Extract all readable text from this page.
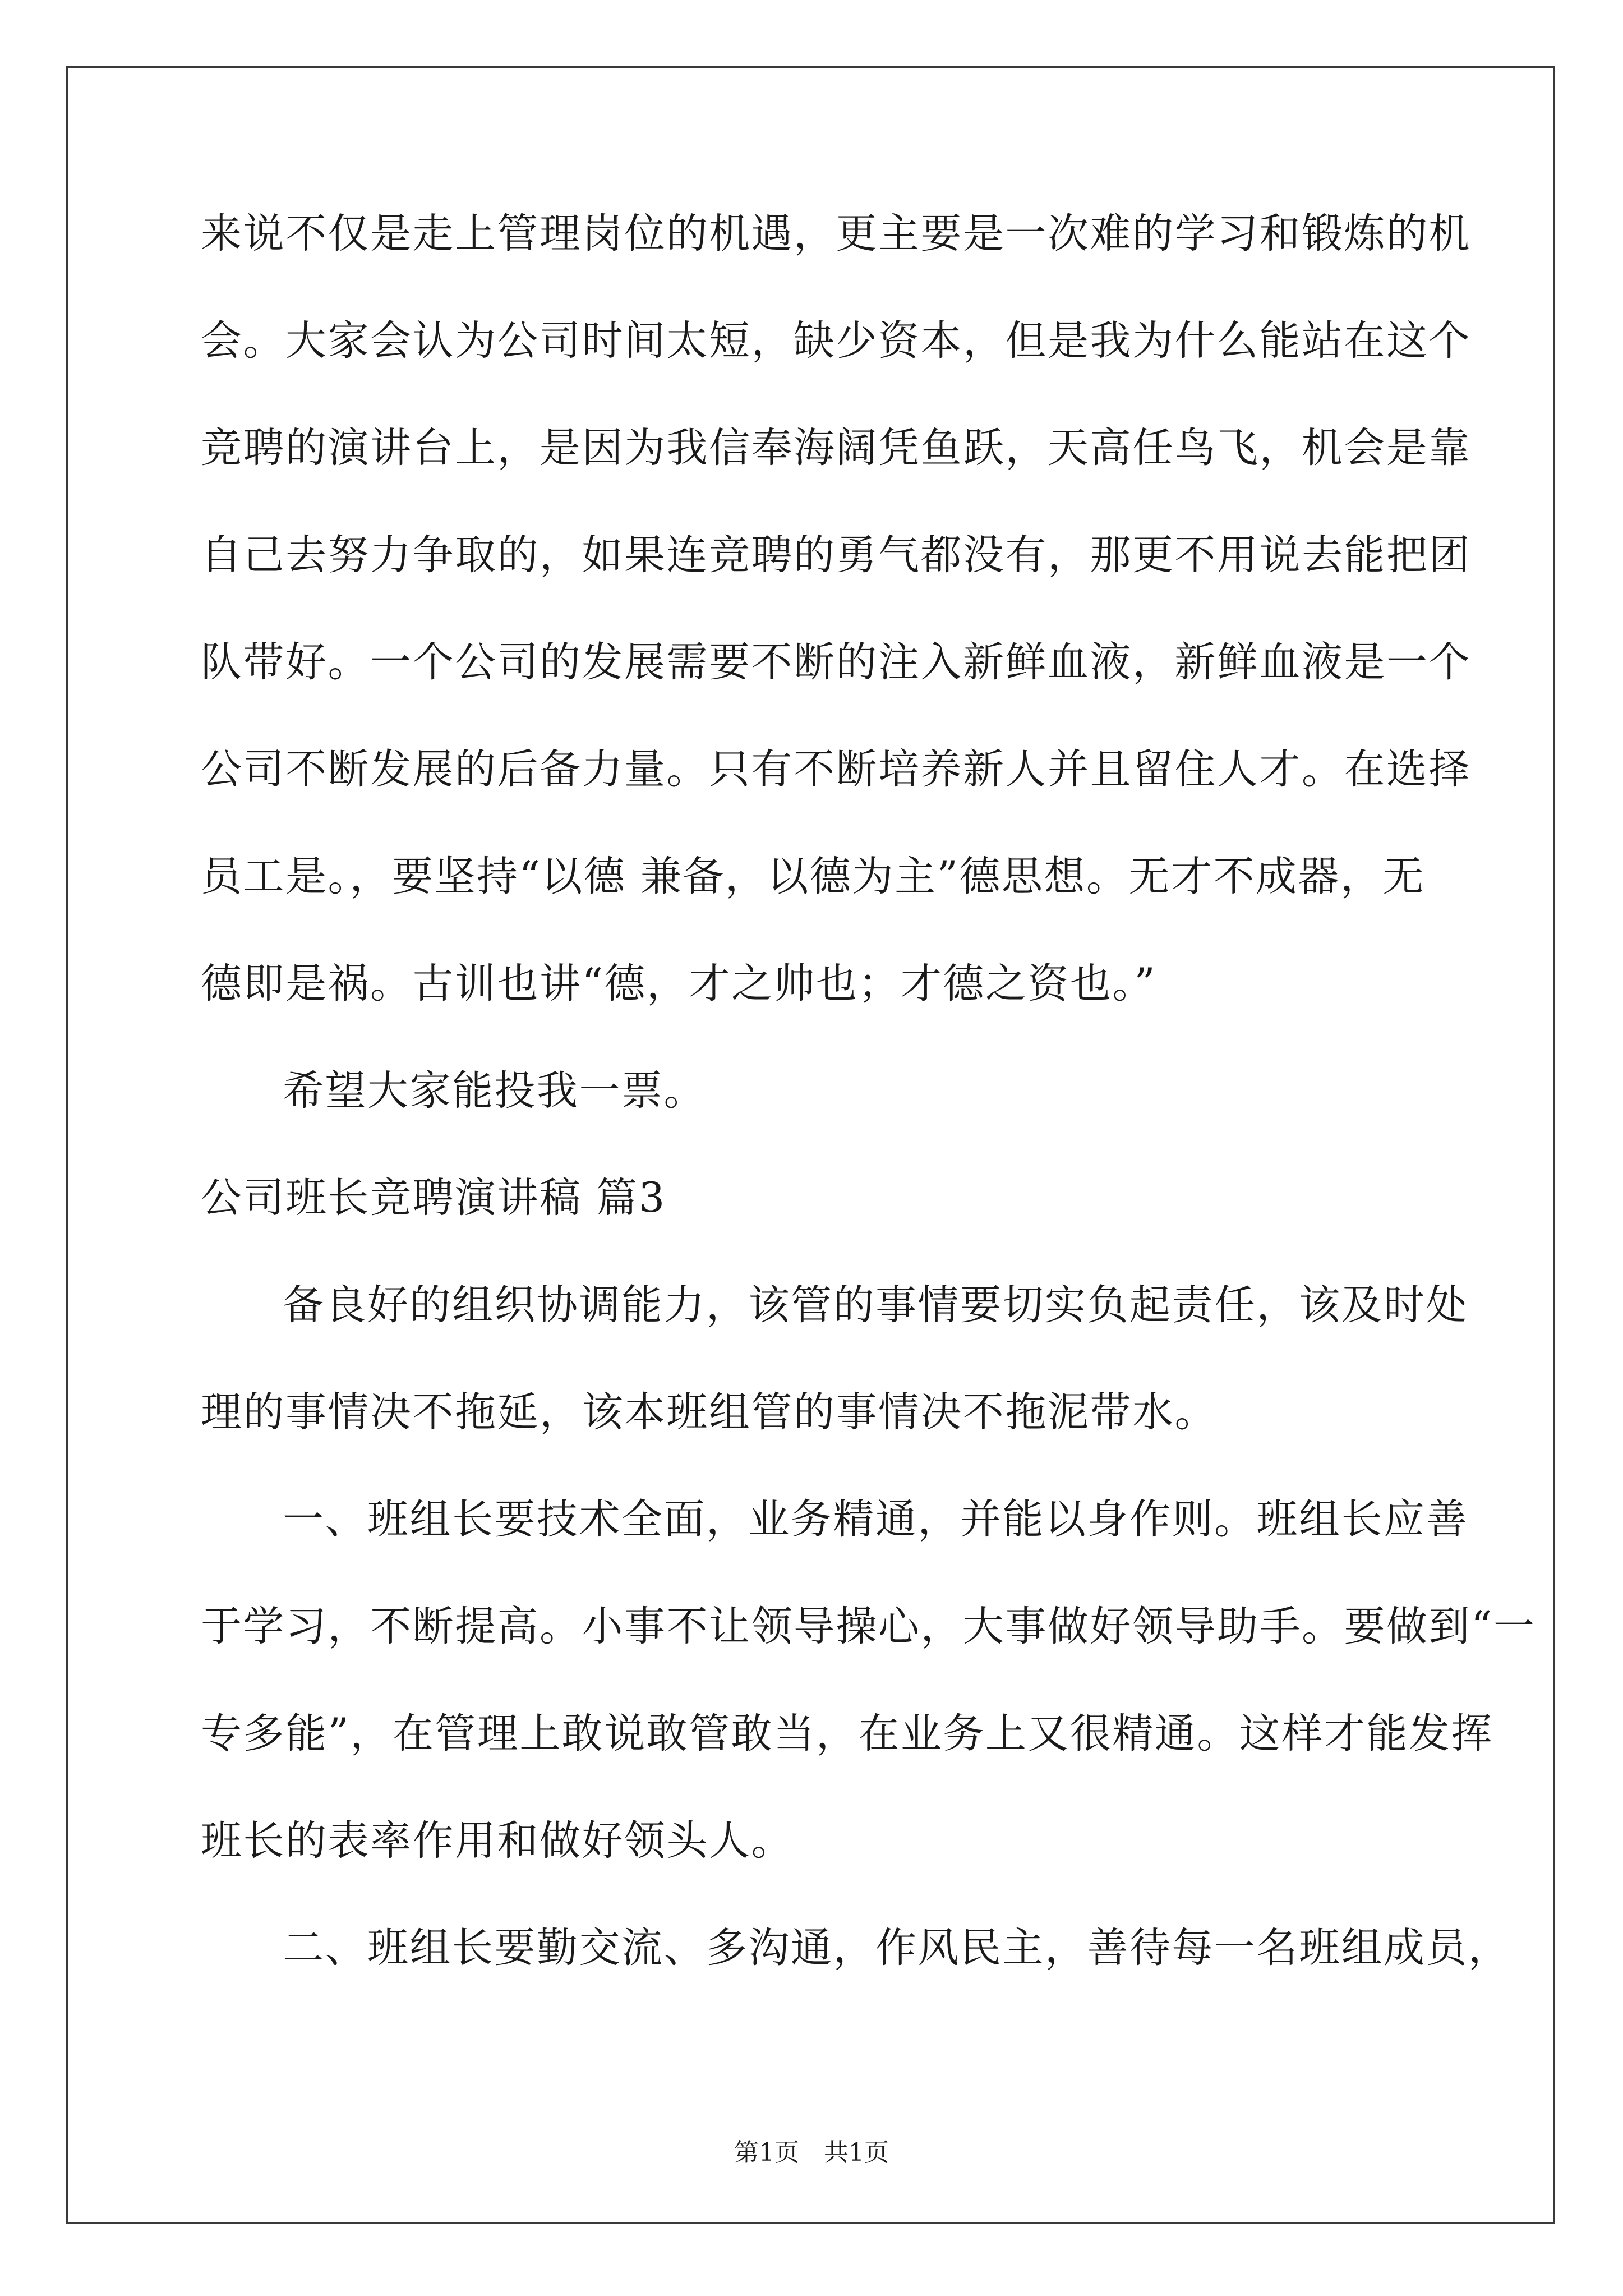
来说不仅是走上管理岗位的机遇，更主要是一次难的学习和锻炼的机
会。大家会认为公司时间太短，缺少资本，但是我为什么能站在这个
竞聘的演讲台上，是因为我信奉海阔凭鱼跃，天高任鸟飞，机会是靠
自己去努力争取的，如果连竞聘的勇气都没有，那更不用说去能把团
队带好。一个公司的发展需要不断的注入新鲜血液，新鲜血液是一个
公司不断发展的后备力量。只有不断培养新人并且留住人才。在选择
员工是。，要坚持“以德 兼备，以德为主”德思想。无才不成器，无
德即是祸。古训也讲“德，才之帅也；才德之资也。”
希望大家能投我一票。
公司班长竞聘演讲稿 篇3
备良好的组织协调能力，该管的事情要切实负起责任，该及时处
理的事情决不拖延，该本班组管的事情决不拖泥带水。
一、班组长要技术全面，业务精通，并能以身作则。班组长应善
于学习，不断提高。小事不让领导操心，大事做好领导助手。要做到“一
专多能”，在管理上敢说敢管敢当，在业务上又很精通。这样才能发挥
班长的表率作用和做好领头人。
二、班组长要勤交流、多沟通，作风民主，善待每一名班组成员，
第1页　共1页
